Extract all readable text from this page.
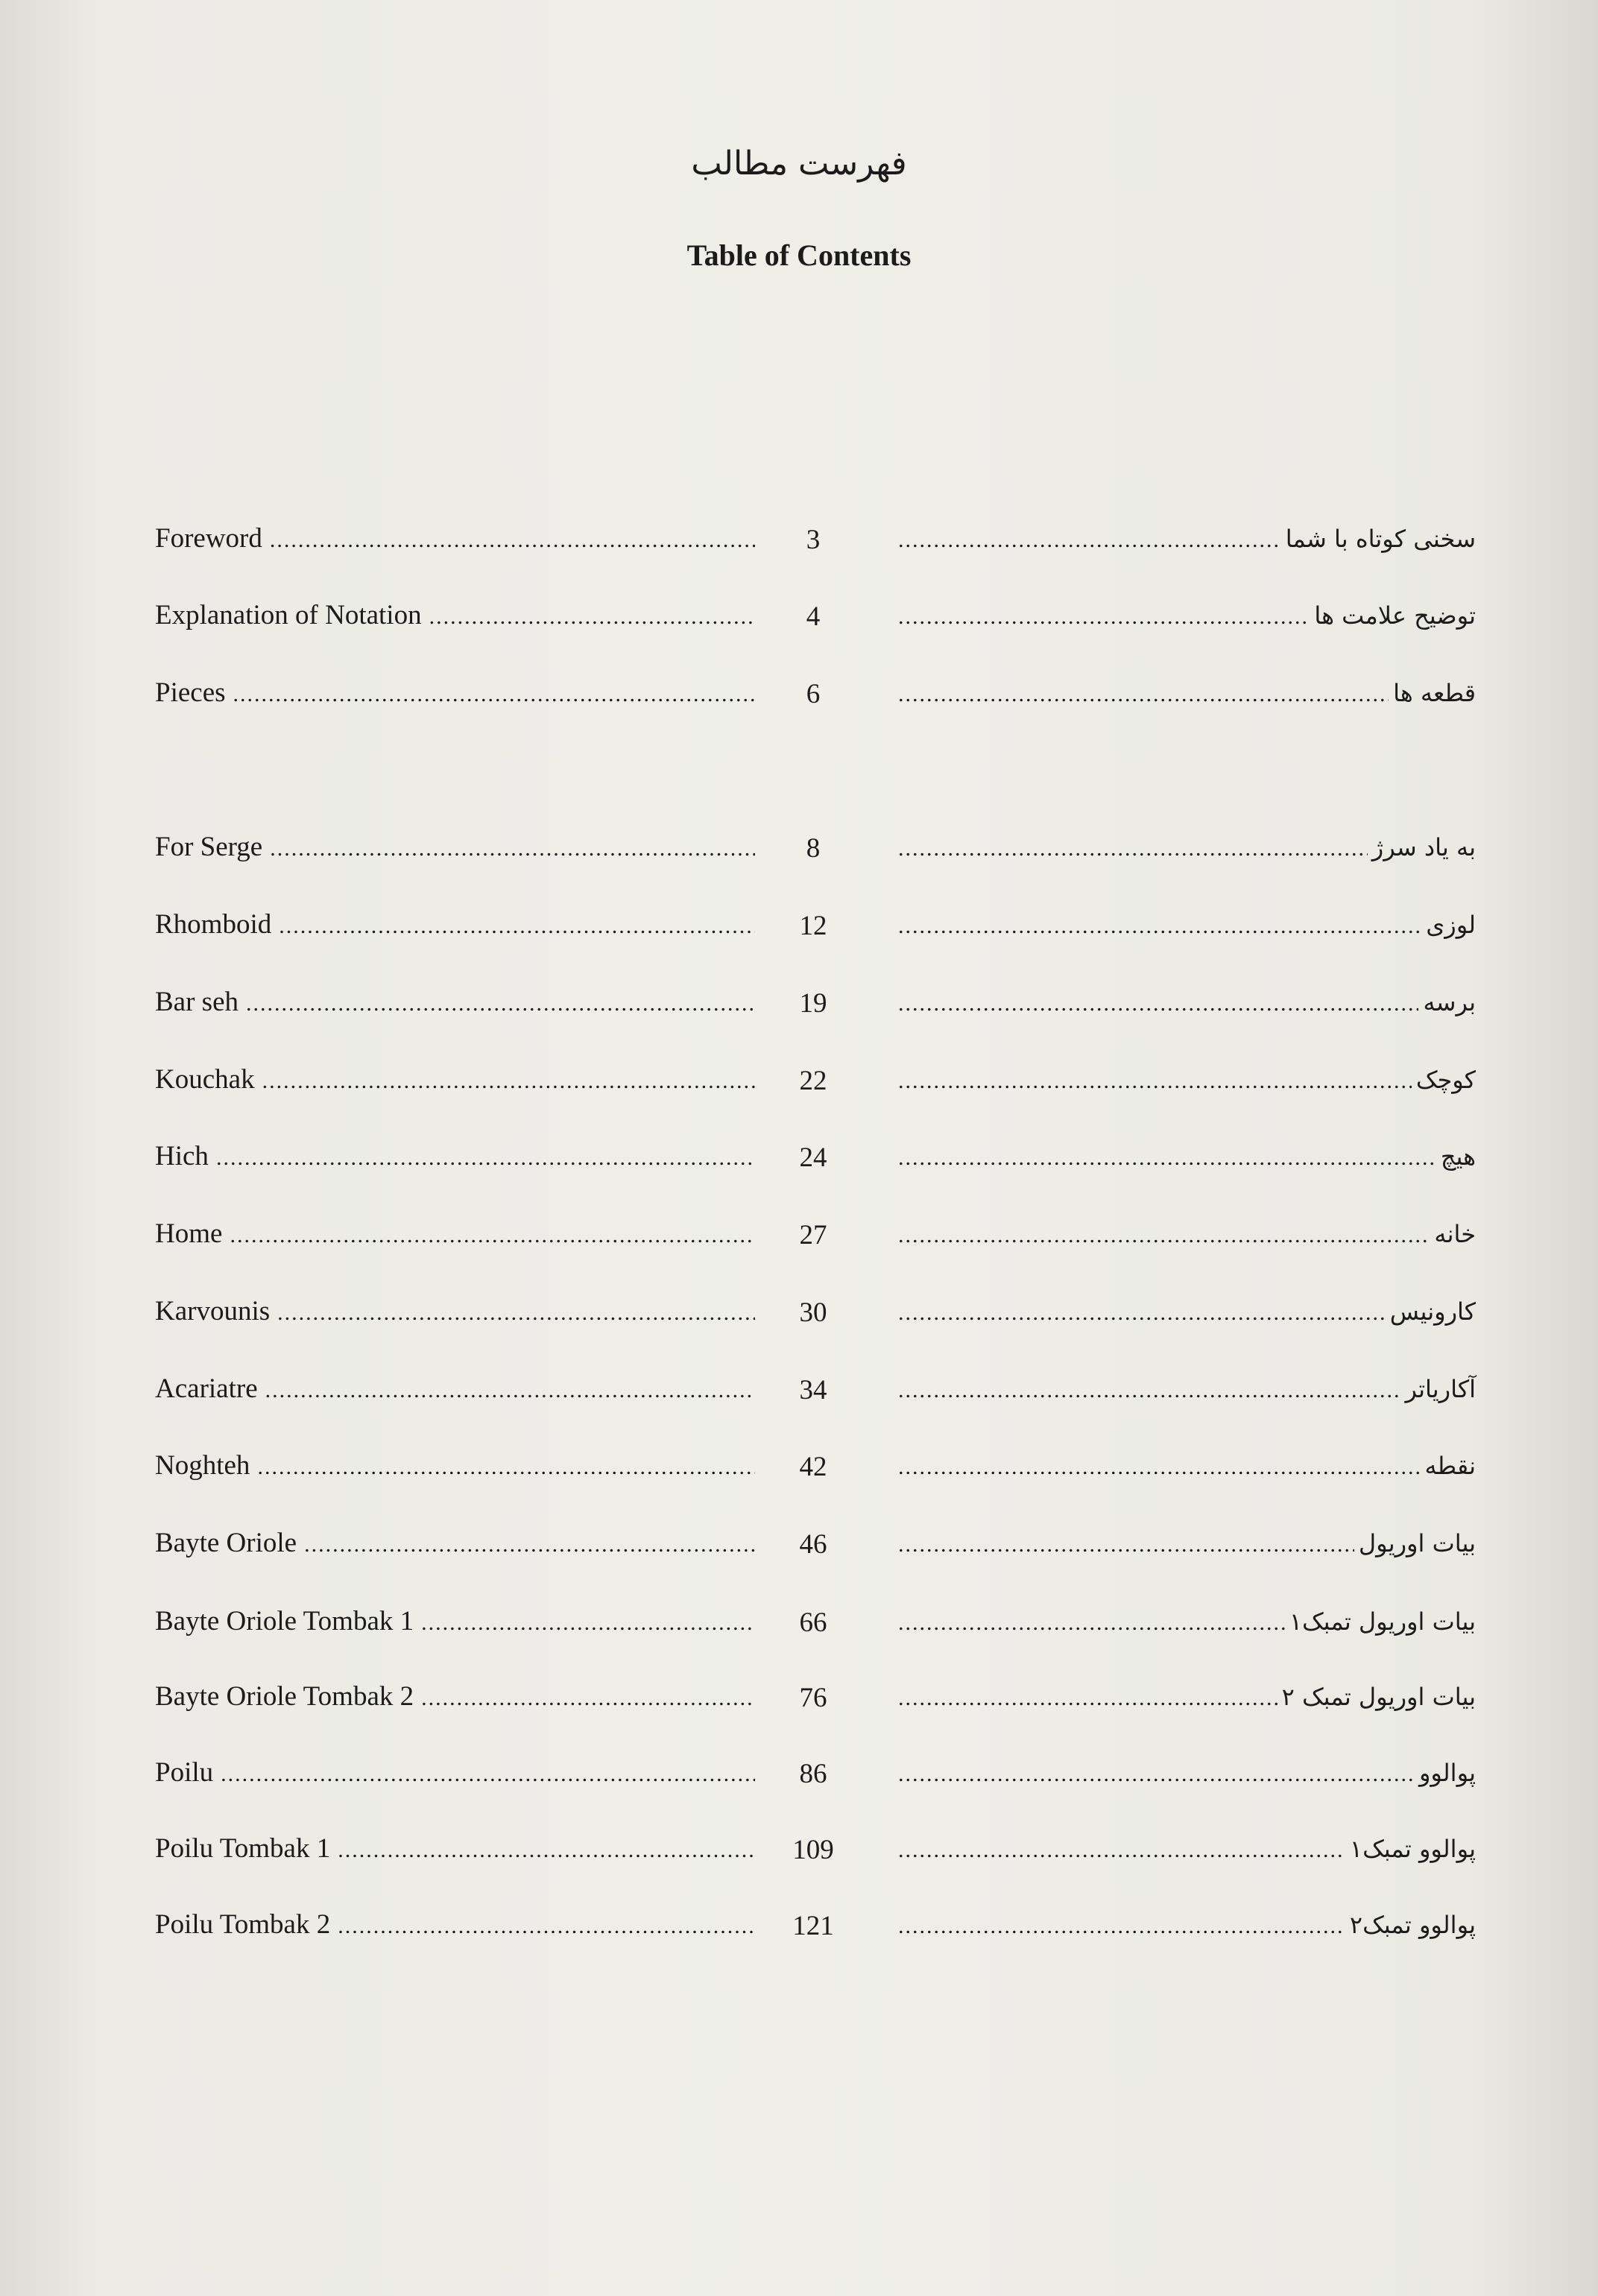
فهرست مطالب
Table of Contents
Foreword .....	3	سخنی کوتاه با شما
.....
Explanation of Notation .....	4	توضیح علامت ها
.....
Pieces .....	6	قطعه ها
.....
For Serge .....	8	به یاد سرژ
.....
Rhomboid .....	12	لوزی
.....
Bar seh .....	19	برسه
.....
Kouchak .....	22	کوچک
.....
Hich .....	24	هیچ
.....
Home .....	27	خانه
.....
Karvounis .....	30	کارونیس
.....
Acariatre .....	34	آکاریاتر
.....
Noghteh .....	42	نقطه
.....
Bayte Oriole .....	46	بیات اوریول
.....
Bayte Oriole Tombak 1 .....	66	بیات اوریول تمبک۱
.....
Bayte Oriole Tombak 2 .....	76	بیات اوریول تمبک ۲
.....
Poilu .....	86	پوالوو
.....
Poilu Tombak 1 .....	109	پوالوو تمبک۱
.....
Poilu Tombak 2 .....	121	پوالوو تمبک۲
.....
